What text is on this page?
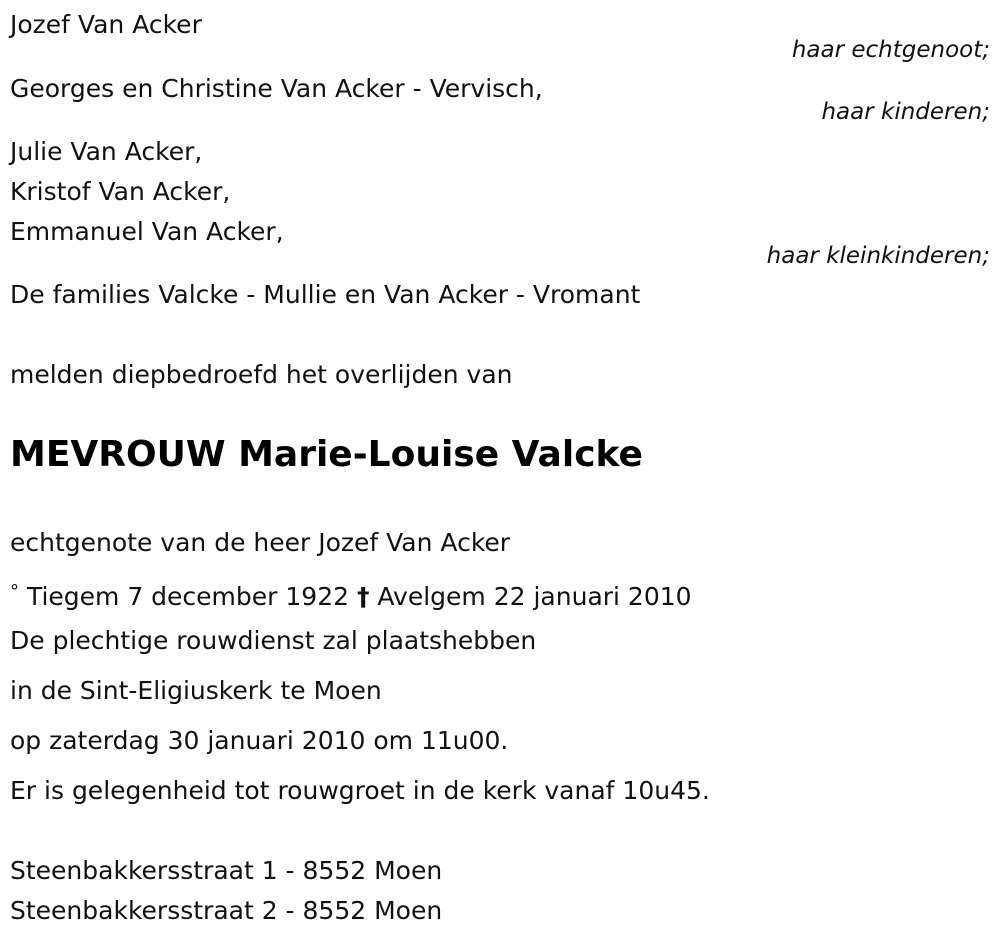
Jozef Van Acker
haar echtgenoot;
Georges en Christine Van Acker - Vervisch,
haar kinderen;
Julie Van Acker,
Kristof Van Acker,
Emmanuel Van Acker,
haar kleinkinderen;
De families Valcke - Mullie en Van Acker - Vromant
melden diepbedroefd het overlijden van
MEVROUW Marie-Louise Valcke
echtgenote van de heer Jozef Van Acker
° Tiegem 7 december 1922 † Avelgem 22 januari 2010
De plechtige rouwdienst zal plaatshebben
in de Sint-Eligiuskerk te Moen
op zaterdag 30 januari 2010 om 11u00.
Er is gelegenheid tot rouwgroet in de kerk vanaf 10u45.
Steenbakkersstraat 1 - 8552 Moen
Steenbakkersstraat 2 - 8552 Moen
